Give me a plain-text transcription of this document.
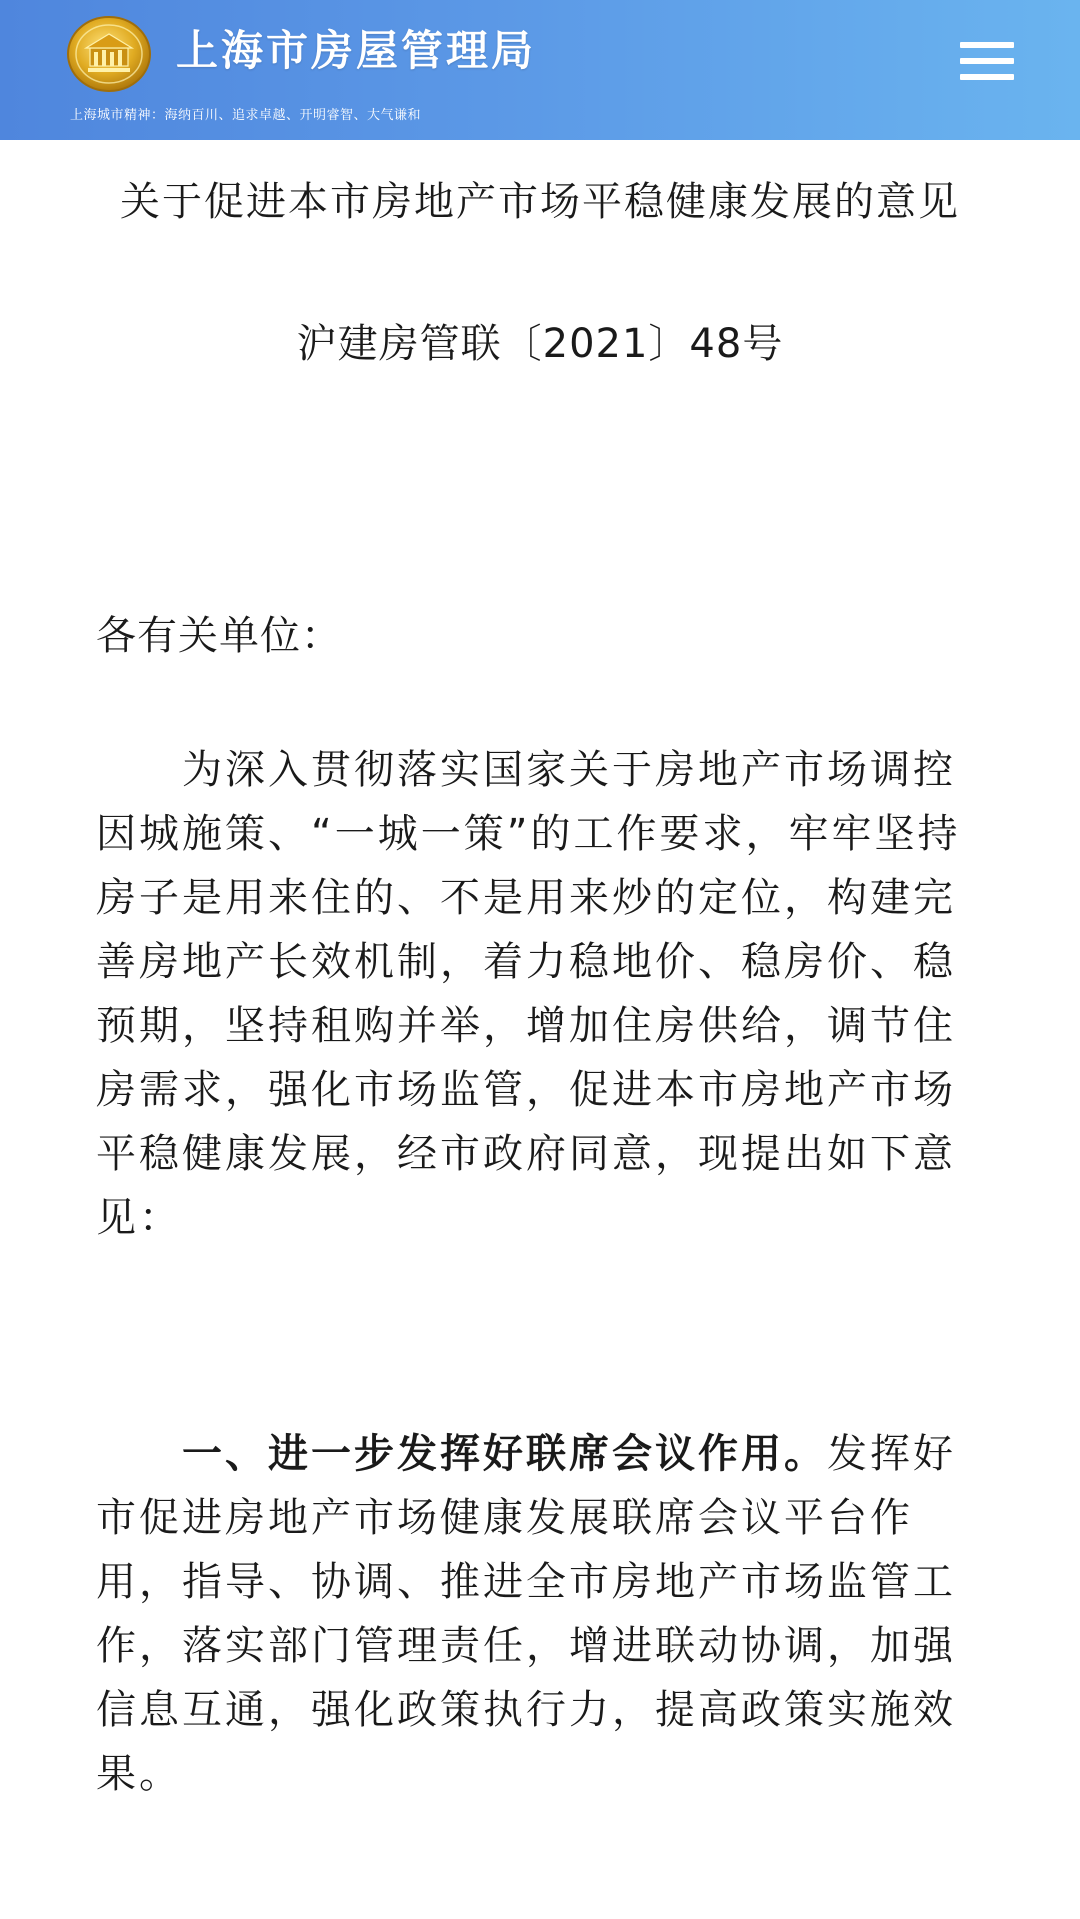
上海市房屋管理局
上海城市精神：海纳百川、追求卓越、开明睿智、大气谦和
关于促进本市房地产市场平稳健康发展的意见
沪建房管联〔2021〕48号
各有关单位：
为深入贯彻落实国家关于房地产市场调控
因城施策、“一城一策”的工作要求，牢牢坚持
房子是用来住的、不是用来炒的定位，构建完
善房地产长效机制，着力稳地价、稳房价、稳
预期，坚持租购并举，增加住房供给，调节住
房需求，强化市场监管，促进本市房地产市场
平稳健康发展，经市政府同意，现提出如下意
见：
一、进一步发挥好联席会议作用。发挥好
市促进房地产市场健康发展联席会议平台作
用，指导、协调、推进全市房地产市场监管工
作，落实部门管理责任，增进联动协调，加强
信息互通，强化政策执行力，提高政策实施效
果。
